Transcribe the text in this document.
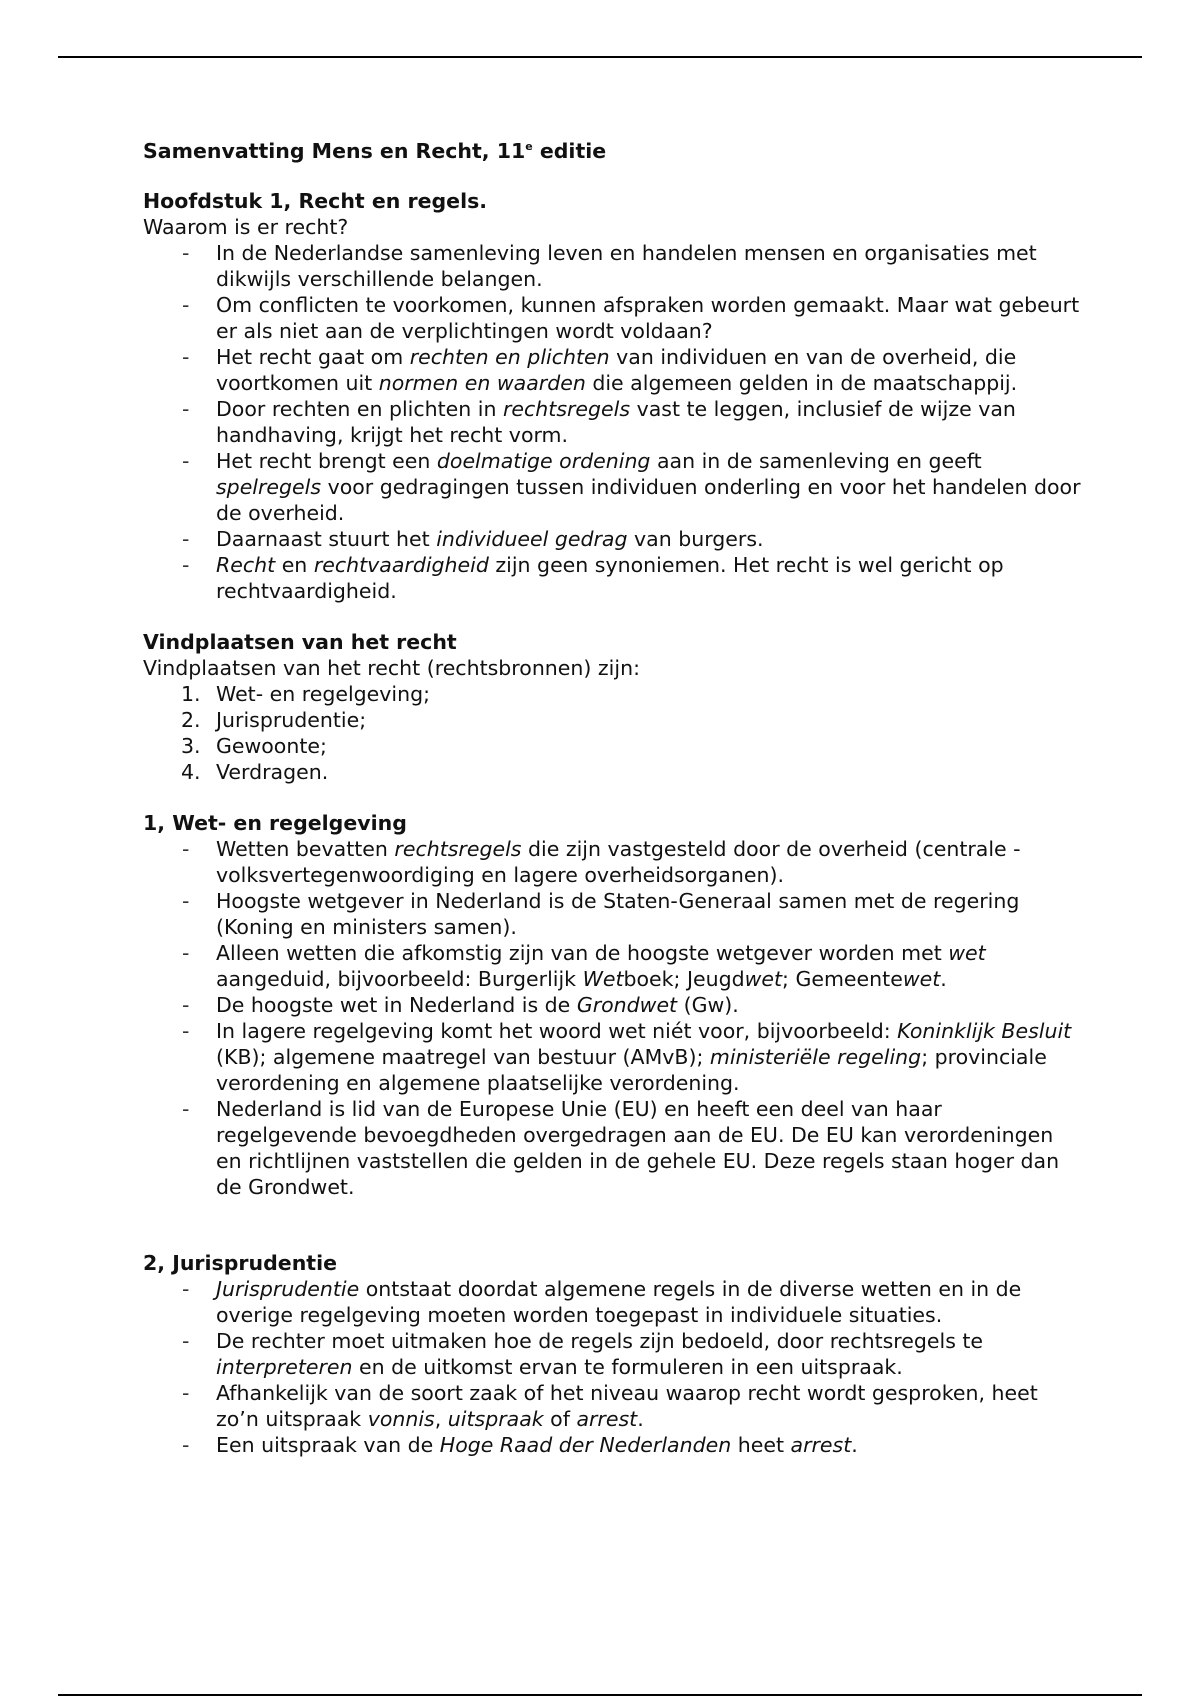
Samenvatting Mens en Recht, 11e editie
Hoofdstuk 1, Recht en regels.

Waarom is er recht?

- In de Nederlandse samenleving leven en handelen mensen en organisaties met dikwijls verschillende belangen.
- Om conflicten te voorkomen, kunnen afspraken worden gemaakt. Maar wat gebeurt er als niet aan de verplichtingen wordt voldaan?
- Het recht gaat om rechten en plichten van individuen en van de overheid, die voortkomen uit normen en waarden die algemeen gelden in de maatschappij.
- Door rechten en plichten in rechtsregels vast te leggen, inclusief de wijze van handhaving, krijgt het recht vorm.
- Het recht brengt een doelmatige ordening aan in de samenleving en geeft spelregels voor gedragingen tussen individuen onderling en voor het handelen door de overheid.
- Daarnaast stuurt het individueel gedrag van burgers.
- Recht en rechtvaardigheid zijn geen synoniemen. Het recht is wel gericht op rechtvaardigheid.
Vindplaatsen van het recht

Vindplaatsen van het recht (rechtsbronnen) zijn:

1. Wet- en regelgeving;
2. Jurisprudentie;
3. Gewoonte;
4. Verdragen.
1, Wet- en regelgeving
- Wetten bevatten rechtsregels die zijn vastgesteld door de overheid (centrale - volksvertegenwoordiging en lagere overheidsorganen).
- Hoogste wetgever in Nederland is de Staten-Generaal samen met de regering (Koning en ministers samen).
- Alleen wetten die afkomstig zijn van de hoogste wetgever worden met wet aangeduid, bijvoorbeeld: Burgerlijk Wetboek; Jeugdwet; Gemeentewet.
- De hoogste wet in Nederland is de Grondwet (Gw).
- In lagere regelgeving komt het woord wet niét voor, bijvoorbeeld: Koninklijk Besluit (KB); algemene maatregel van bestuur (AMvB); ministeriële regeling; provinciale verordening en algemene plaatselijke verordening.
- Nederland is lid van de Europese Unie (EU) en heeft een deel van haar regelgevende bevoegdheden overgedragen aan de EU. De EU kan verordeningen en richtlijnen vaststellen die gelden in de gehele EU. Deze regels staan hoger dan de Grondwet.
2, Jurisprudentie
- Jurisprudentie ontstaat doordat algemene regels in de diverse wetten en in de overige regelgeving moeten worden toegepast in individuele situaties.
- De rechter moet uitmaken hoe de regels zijn bedoeld, door rechtsregels te interpreteren en de uitkomst ervan te formuleren in een uitspraak.
- Afhankelijk van de soort zaak of het niveau waarop recht wordt gesproken, heet zo’n uitspraak vonnis, uitspraak of arrest.
- Een uitspraak van de Hoge Raad der Nederlanden heet arrest.
